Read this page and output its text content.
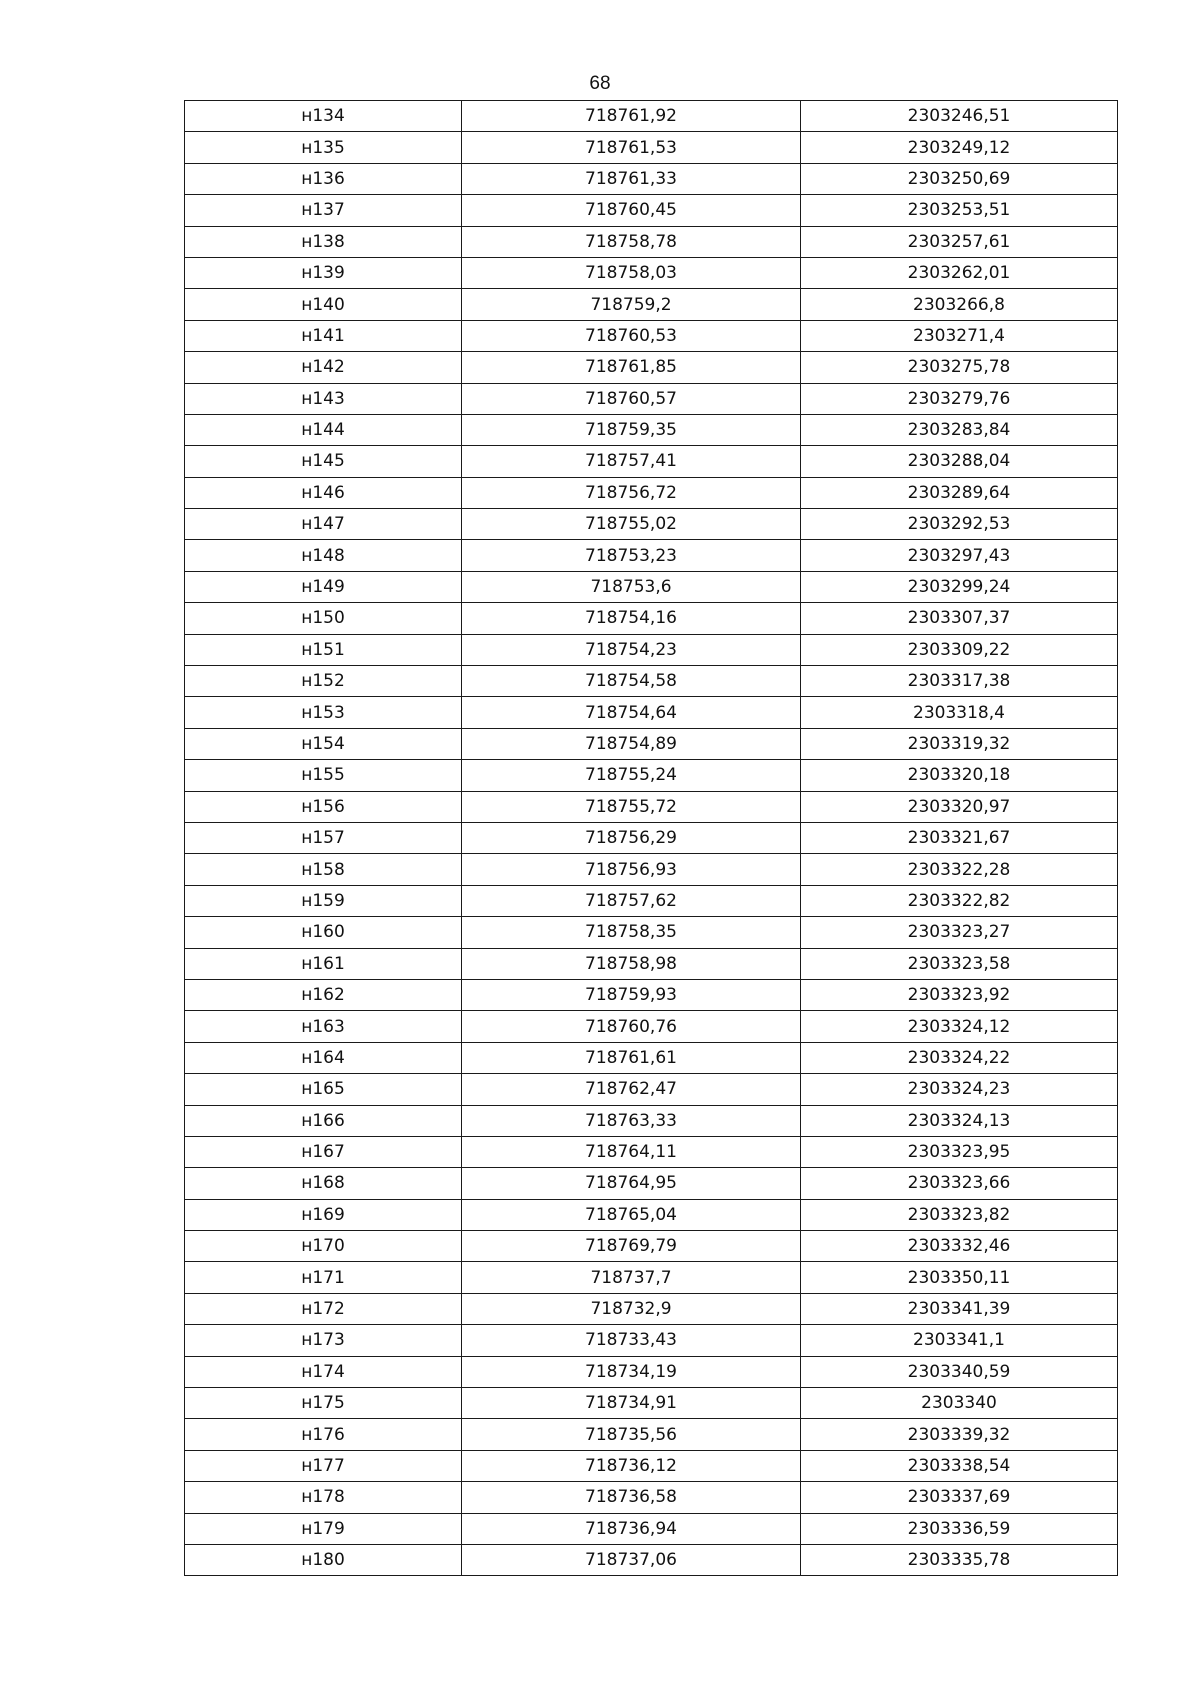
68
н134	718761,92	2303246,51
н135	718761,53	2303249,12
н136	718761,33	2303250,69
н137	718760,45	2303253,51
н138	718758,78	2303257,61
н139	718758,03	2303262,01
н140	718759,2	2303266,8
н141	718760,53	2303271,4
н142	718761,85	2303275,78
н143	718760,57	2303279,76
н144	718759,35	2303283,84
н145	718757,41	2303288,04
н146	718756,72	2303289,64
н147	718755,02	2303292,53
н148	718753,23	2303297,43
н149	718753,6	2303299,24
н150	718754,16	2303307,37
н151	718754,23	2303309,22
н152	718754,58	2303317,38
н153	718754,64	2303318,4
н154	718754,89	2303319,32
н155	718755,24	2303320,18
н156	718755,72	2303320,97
н157	718756,29	2303321,67
н158	718756,93	2303322,28
н159	718757,62	2303322,82
н160	718758,35	2303323,27
н161	718758,98	2303323,58
н162	718759,93	2303323,92
н163	718760,76	2303324,12
н164	718761,61	2303324,22
н165	718762,47	2303324,23
н166	718763,33	2303324,13
н167	718764,11	2303323,95
н168	718764,95	2303323,66
н169	718765,04	2303323,82
н170	718769,79	2303332,46
н171	718737,7	2303350,11
н172	718732,9	2303341,39
н173	718733,43	2303341,1
н174	718734,19	2303340,59
н175	718734,91	2303340
н176	718735,56	2303339,32
н177	718736,12	2303338,54
н178	718736,58	2303337,69
н179	718736,94	2303336,59
н180	718737,06	2303335,78
